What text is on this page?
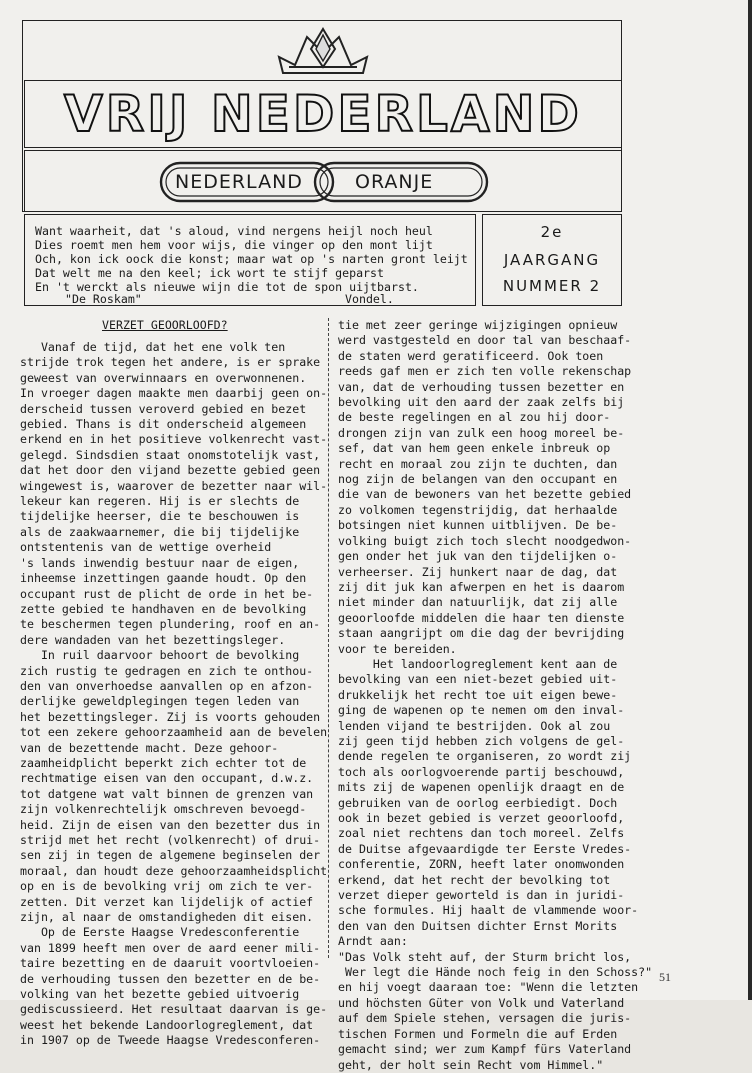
VRIJ NEDERLAND
NEDERLAND	ORANJE
Want waarheit, dat 's aloud, vind nergens heijl noch heul
Dies roemt men hem voor wijs, die vinger op den mont lijt
Och, kon ick oock die konst; maar wat op 's narten gront leijt
Dat welt me na den keel; ick wort te stijf geparst
En 't werckt als nieuwe wijn die tot de spon uijtbarst.
"De Roskam"	Vondel.
2e
JAARGANG
NUMMER 2
VERZET GEOORLOOFD?
Vanaf de tijd, dat het ene volk ten
strijde trok tegen het andere, is er sprake
geweest van overwinnaars en overwonnenen.
In vroeger dagen maakte men daarbij geen on-
derscheid tussen veroverd gebied en bezet
gebied. Thans is dit onderscheid algemeen
erkend en in het positieve volkenrecht vast-
gelegd. Sindsdien staat onomstotelijk vast,
dat het door den vijand bezette gebied geen
wingewest is, waarover de bezetter naar wil-
lekeur kan regeren. Hij is er slechts de
tijdelijke heerser, die te beschouwen is
als de zaakwaarnemer, die bij tijdelijke
ontstentenis van de wettige overheid
's lands inwendig bestuur naar de eigen,
inheemse inzettingen gaande houdt. Op den
occupant rust de plicht de orde in het be-
zette gebied te handhaven en de bevolking
te beschermen tegen plundering, roof en an-
dere wandaden van het bezettingsleger.
In ruil daarvoor behoort de bevolking
zich rustig te gedragen en zich te onthou-
den van onverhoedse aanvallen op en afzon-
derlijke geweldplegingen tegen leden van
het bezettingsleger. Zij is voorts gehouden
tot een zekere gehoorzaamheid aan de bevelen
van de bezettende macht. Deze gehoor-
zaamheidplicht beperkt zich echter tot de
rechtmatige eisen van den occupant, d.w.z.
tot datgene wat valt binnen de grenzen van
zijn volkenrechtelijk omschreven bevoegd-
heid. Zijn de eisen van den bezetter dus in
strijd met het recht (volkenrecht) of drui-
sen zij in tegen de algemene beginselen der
moraal, dan houdt deze gehoorzaamheidsplicht
op en is de bevolking vrij om zich te ver-
zetten. Dit verzet kan lijdelijk of actief
zijn, al naar de omstandigheden dit eisen.
Op de Eerste Haagse Vredesconferentie
van 1899 heeft men over de aard eener mili-
taire bezetting en de daaruit voortvloeien-
de verhouding tussen den bezetter en de be-
volking van het bezette gebied uitvoerig
gediscussieerd. Het resultaat daarvan is ge-
weest het bekende Landoorlogreglement, dat
in 1907 op de Tweede Haagse Vredesconferen-
tie met zeer geringe wijzigingen opnieuw
werd vastgesteld en door tal van beschaaf-
de staten werd geratificeerd. Ook toen
reeds gaf men er zich ten volle rekenschap
van, dat de verhouding tussen bezetter en
bevolking uit den aard der zaak zelfs bij
de beste regelingen en al zou hij door-
drongen zijn van zulk een hoog moreel be-
sef, dat van hem geen enkele inbreuk op
recht en moraal zou zijn te duchten, dan
nog zijn de belangen van den occupant en
die van de bewoners van het bezette gebied
zo volkomen tegenstrijdig, dat herhaalde
botsingen niet kunnen uitblijven. De be-
volking buigt zich toch slecht noodgedwon-
gen onder het juk van den tijdelijken o-
verheerser. Zij hunkert naar de dag, dat
zij dit juk kan afwerpen en het is daarom
niet minder dan natuurlijk, dat zij alle
geoorloofde middelen die haar ten dienste
staan aangrijpt om die dag der bevrijding
voor te bereiden.
Het landoorlogreglement kent aan de
bevolking van een niet-bezet gebied uit-
drukkelijk het recht toe uit eigen bewe-
ging de wapenen op te nemen om den inval-
lenden vijand te bestrijden. Ook al zou
zij geen tijd hebben zich volgens de gel-
dende regelen te organiseren, zo wordt zij
toch als oorlogvoerende partij beschouwd,
mits zij de wapenen openlijk draagt en de
gebruiken van de oorlog eerbiedigt. Doch
ook in bezet gebied is verzet geoorloofd,
zoal niet rechtens dan toch moreel. Zelfs
de Duitse afgevaardigde ter Eerste Vredes-
conferentie, ZORN, heeft later onomwonden
erkend, dat het recht der bevolking tot
verzet dieper geworteld is dan in juridi-
sche formules. Hij haalt de vlammende woor-
den van den Duitsen dichter Ernst Morits
Arndt aan:
"Das Volk steht auf, der Sturm bricht los,
Wer legt die Hände noch feig in den Schoss?"
en hij voegt daaraan toe: "Wenn die letzten
und höchsten Güter von Volk und Vaterland
auf dem Spiele stehen, versagen die juris-
tischen Formen und Formeln die auf Erden
gemacht sind; wer zum Kampf fürs Vaterland
geht, der holt sein Recht vom Himmel."
51
